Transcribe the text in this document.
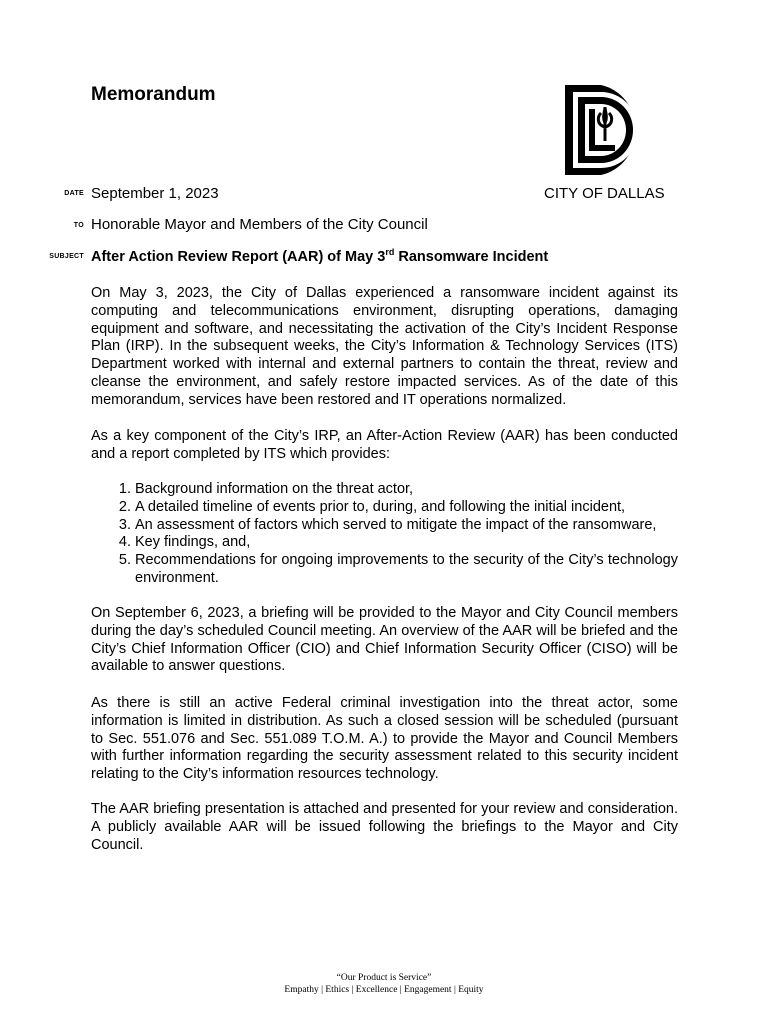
Memorandum
CITY OF DALLAS
DATE September 1, 2023
TO Honorable Mayor and Members of the City Council
SUBJECT After Action Review Report (AAR) of May 3rd Ransomware Incident
On May 3, 2023, the City of Dallas experienced a ransomware incident against its computing and telecommunications environment, disrupting operations, damaging equipment and software, and necessitating the activation of the City’s Incident Response Plan (IRP). In the subsequent weeks, the City’s Information & Technology Services (ITS) Department worked with internal and external partners to contain the threat, review and cleanse the environment, and safely restore impacted services. As of the date of this memorandum, services have been restored and IT operations normalized.
As a key component of the City’s IRP, an After-Action Review (AAR) has been conducted and a report completed by ITS which provides:
1. Background information on the threat actor,
2. A detailed timeline of events prior to, during, and following the initial incident,
3. An assessment of factors which served to mitigate the impact of the ransomware,
4. Key findings, and,
5. Recommendations for ongoing improvements to the security of the City’s technology environment.
On September 6, 2023, a briefing will be provided to the Mayor and City Council members during the day’s scheduled Council meeting. An overview of the AAR will be briefed and the City’s Chief Information Officer (CIO) and Chief Information Security Officer (CISO) will be available to answer questions.
As there is still an active Federal criminal investigation into the threat actor, some information is limited in distribution. As such a closed session will be scheduled (pursuant to Sec. 551.076 and Sec. 551.089 T.O.M. A.) to provide the Mayor and Council Members with further information regarding the security assessment related to this security incident relating to the City’s information resources technology.
The AAR briefing presentation is attached and presented for your review and consideration. A publicly available AAR will be issued following the briefings to the Mayor and City Council.
“Our Product is Service”
Empathy | Ethics | Excellence | Engagement | Equity
